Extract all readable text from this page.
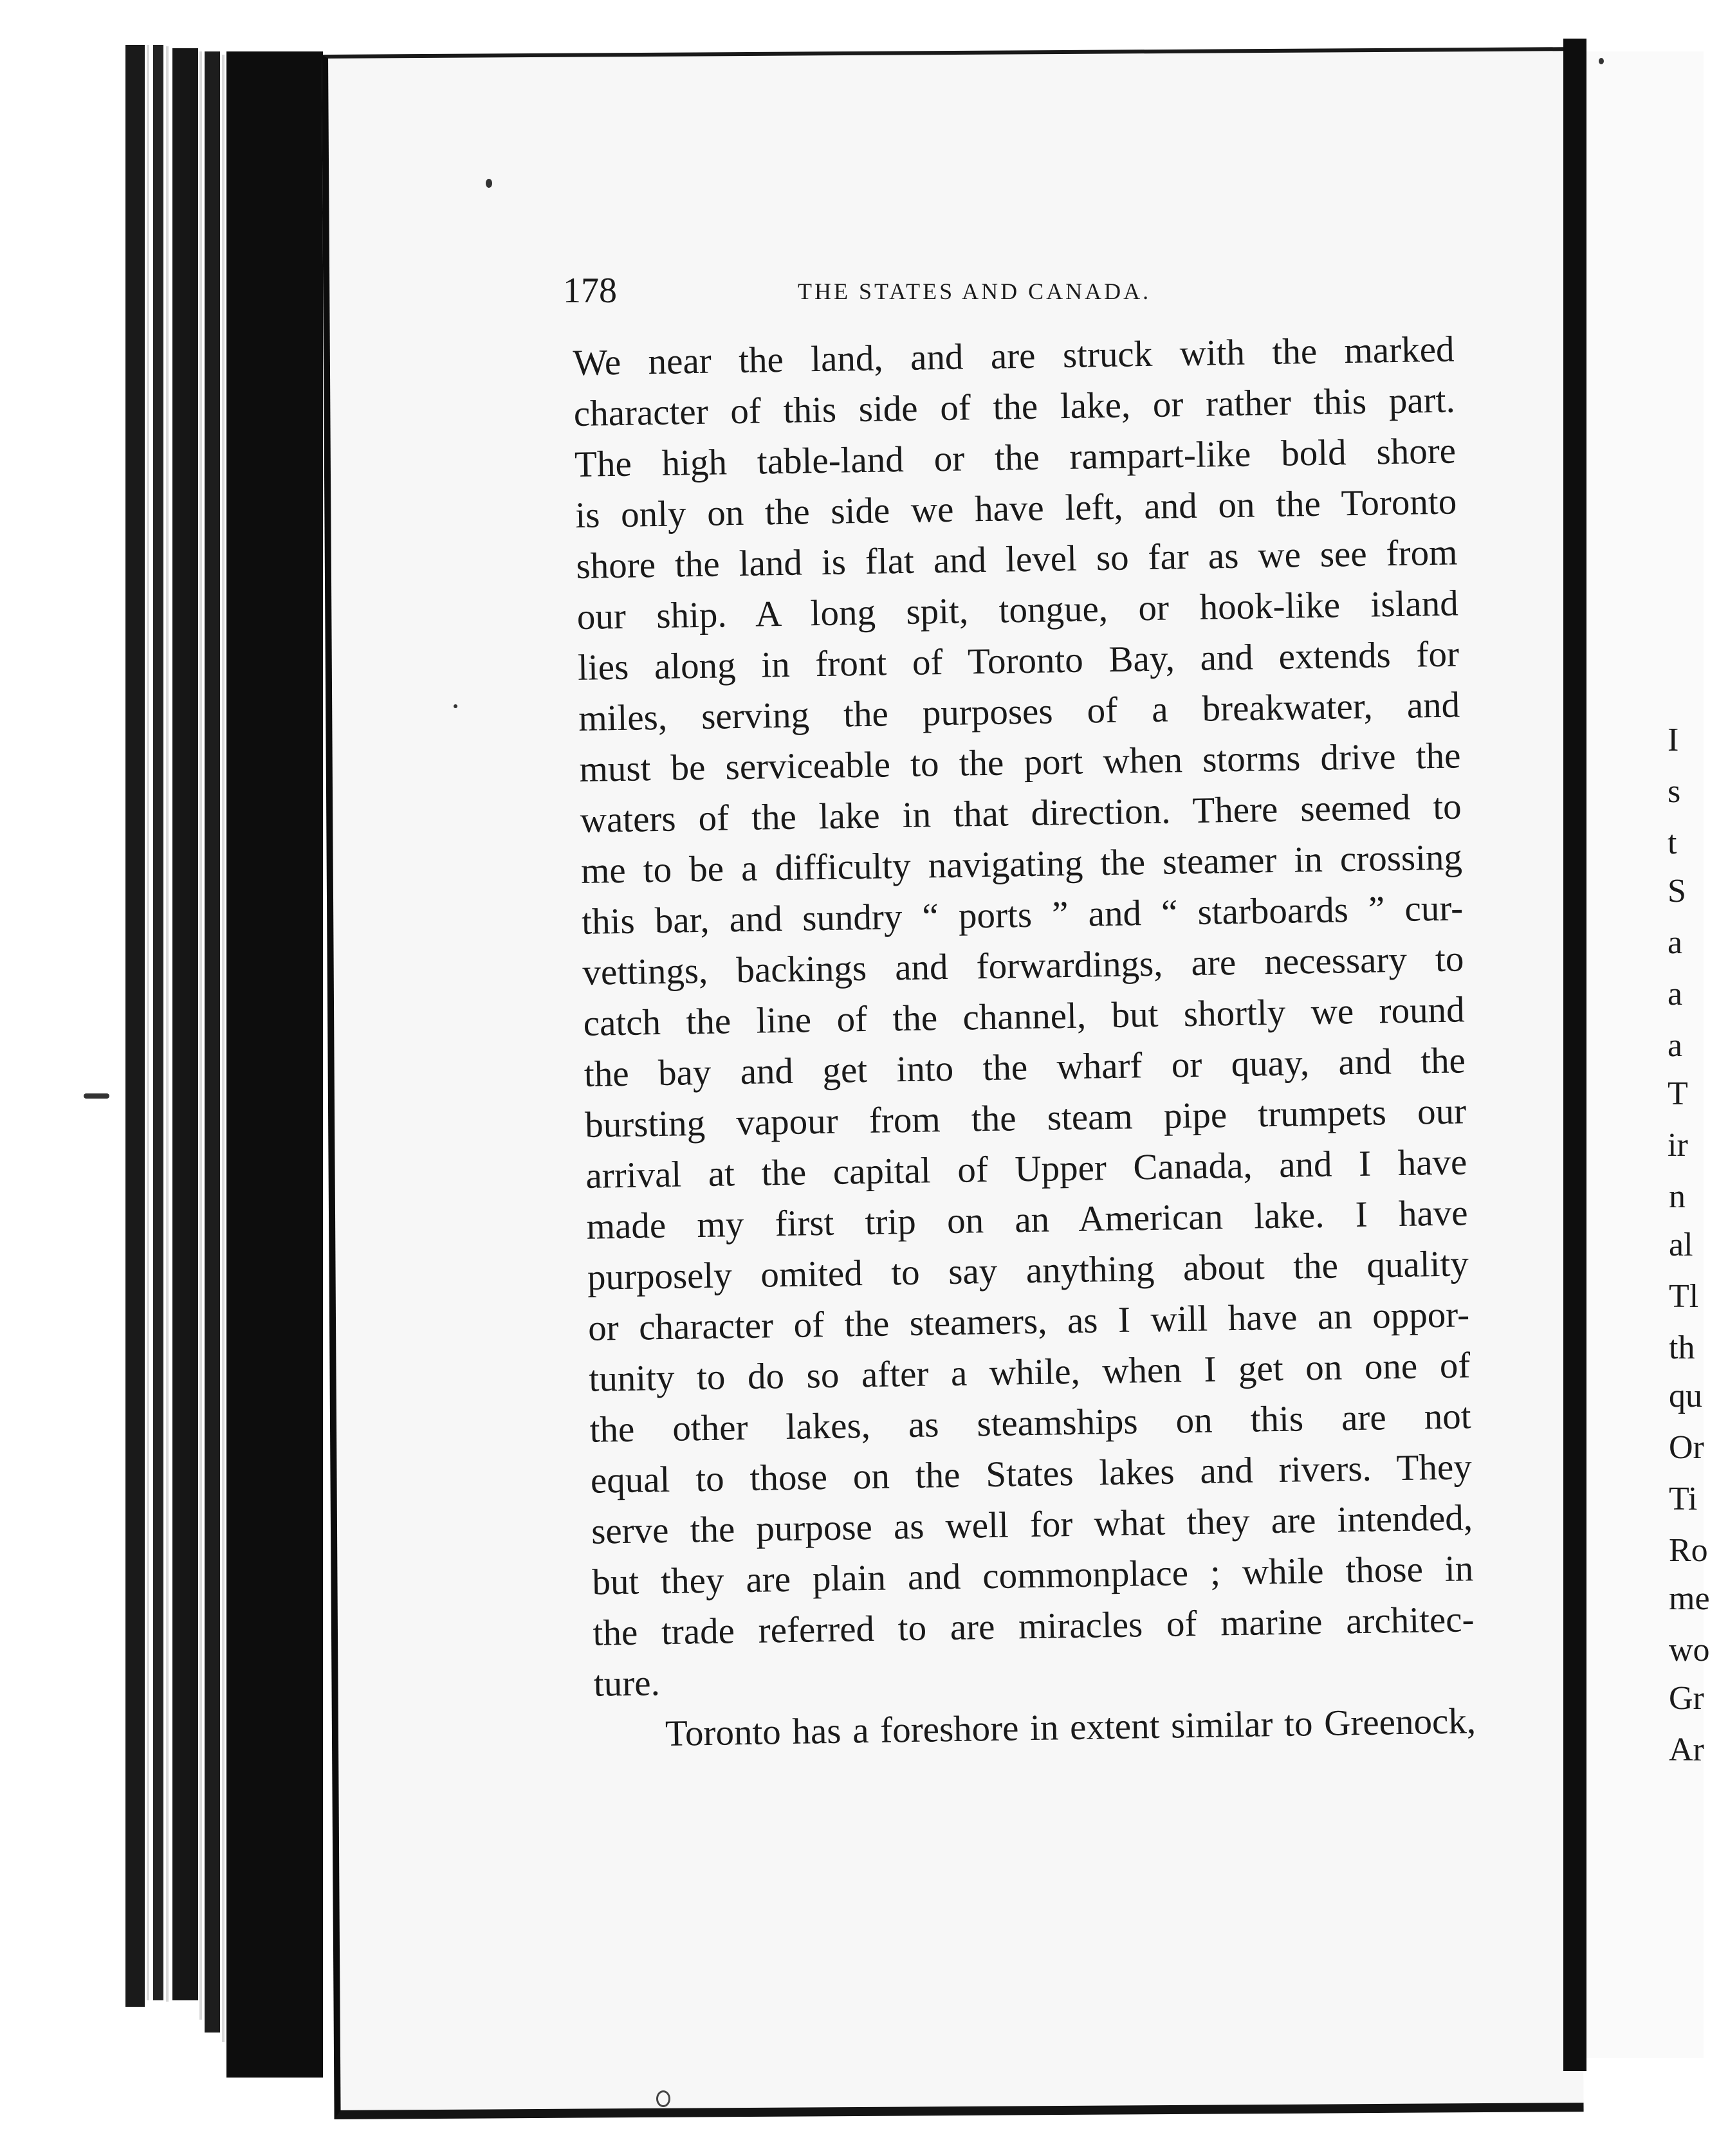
I
s
t
S
a
a
a
T
ir
n
al
Tl
th
qu
Or
Ti
Ro
me
wo
Gr
Ar
178	THE STATES AND CANADA.
We near the land, and are struck with the marked
character of this side of the lake, or rather this part.
The high table-land or the rampart-like bold shore
is only on the side we have left, and on the Toronto
shore the land is flat and level so far as we see from
our ship. A long spit, tongue, or hook-like island
lies along in front of Toronto Bay, and extends for
miles, serving the purposes of a breakwater, and
must be serviceable to the port when storms drive the
waters of the lake in that direction. There seemed to
me to be a difficulty navigating the steamer in crossing
this bar, and sundry “ ports ” and “ starboards ” cur-
vettings, backings and forwardings, are necessary to
catch the line of the channel, but shortly we round
the bay and get into the wharf or quay, and the
bursting vapour from the steam pipe trumpets our
arrival at the capital of Upper Canada, and I have
made my first trip on an American lake. I have
purposely omited to say anything about the quality
or character of the steamers, as I will have an oppor-
tunity to do so after a while, when I get on one of
the other lakes, as steamships on this are not
equal to those on the States lakes and rivers. They
serve the purpose as well for what they are intended,
but they are plain and commonplace ; while those in
the trade referred to are miracles of marine architec-
ture.
Toronto has a foreshore in extent similar to Greenock,
